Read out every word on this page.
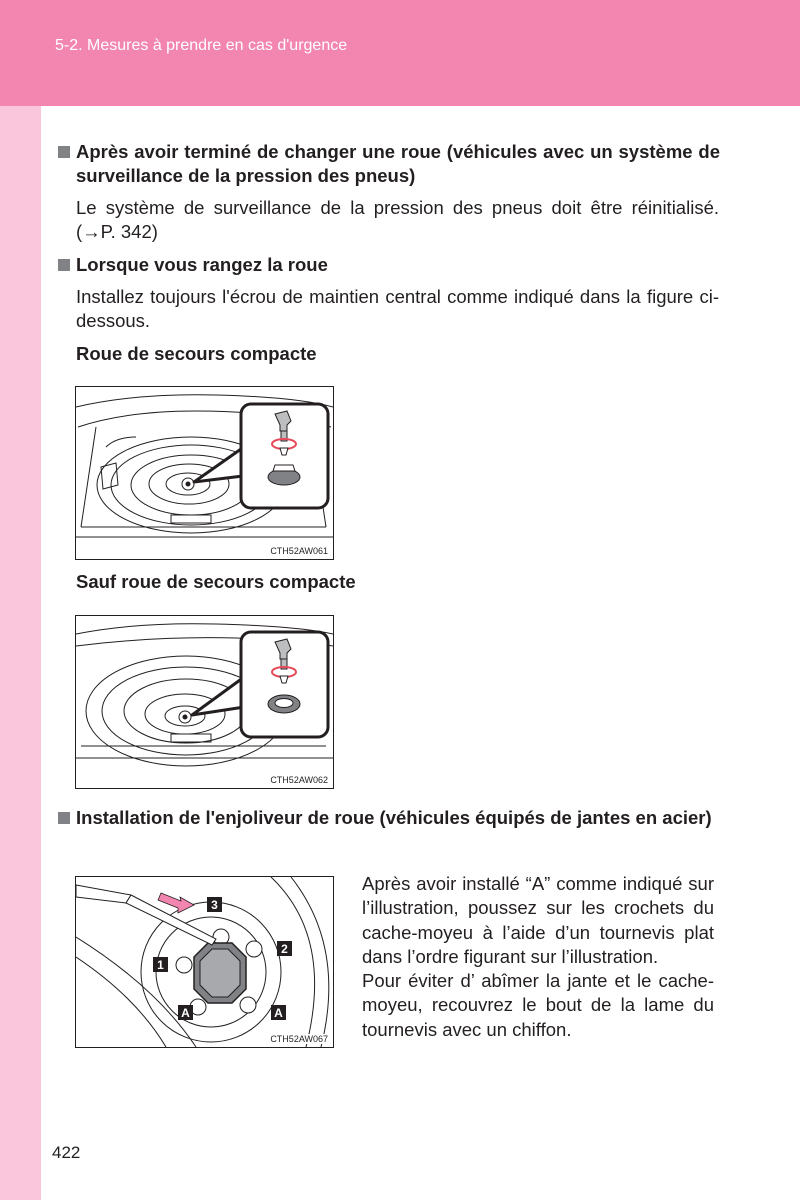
5-2. Mesures à prendre en cas d'urgence
Après avoir terminé de changer une roue (véhicules avec un système de surveillance de la pression des pneus)
Le système de surveillance de la pression des pneus doit être réinitialisé. (→P. 342)
Lorsque vous rangez la roue
Installez toujours l'écrou de maintien central comme indiqué dans la figure ci-dessous.
Roue de secours compacte
CTH52AW061
Sauf roue de secours compacte
CTH52AW062
Installation de l'enjoliveur de roue (véhicules équipés de jantes en acier)
1
2
3
A	A
CTH52AW067
Après avoir installé “A” comme indiqué sur l’illustration, poussez sur les crochets du cache-moyeu à l’aide d’un tournevis plat dans l’ordre figurant sur l’illustration.
Pour éviter d’ abîmer la jante et le cache-moyeu, recouvrez le bout de la lame du tournevis avec un chiffon.
422
